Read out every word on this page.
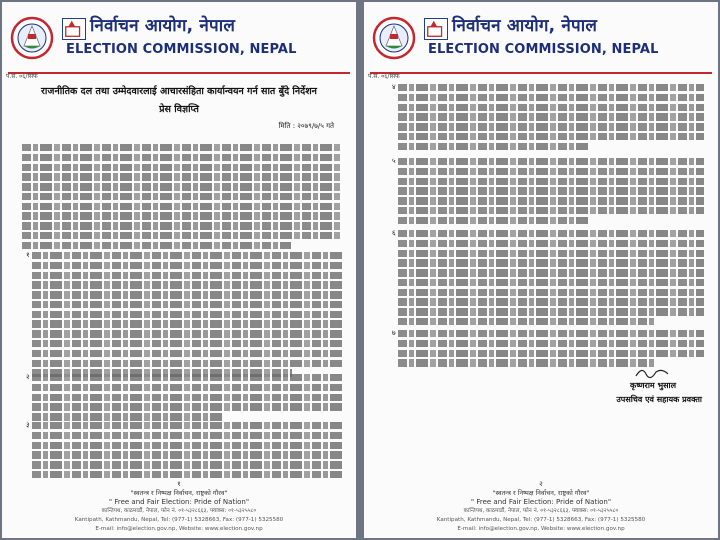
निर्वाचन आयोग, नेपाल
ELECTION COMMISSION, NEPAL
प.सं. ०६/सिर्फ
राजनीतिक दल तथा उम्मेदवारलाई आचारसंहिता कार्यान्वयन गर्न सात बुँदे निर्देशन
प्रेस विज्ञप्ति
मिति : २०७९/७/५ गते
१
२
३
१
"स्वतन्त्र र निष्पक्ष निर्वाचन, राष्ट्रको गौरव"
" Free and Fair Election: Pride of Nation"
कान्तिपथ, काठमाडौं, नेपाल, फोन नं. ०१-५३२८६६३, फ्याक्स: ०१-५३२५५८०
Kantipath, Kathmandu, Nepal, Tel: (977-1) 5328663, Fax: (977-1) 5325580
E-mail: info@election.gov.np, Website: www.election.gov.np
निर्वाचन आयोग, नेपाल
ELECTION COMMISSION, NEPAL
प.सं. ०६/सिर्फ
४
५
६
७
कृष्णराम भुसाल
उपसचिव एवं सहायक प्रवक्ता
२
"स्वतन्त्र र निष्पक्ष निर्वाचन, राष्ट्रको गौरव"
" Free and Fair Election: Pride of Nation"
कान्तिपथ, काठमाडौं, नेपाल, फोन नं. ०१-५३२८६६३, फ्याक्स: ०१-५३२५५८०
Kantipath, Kathmandu, Nepal, Tel: (977-1) 5328663, Fax: (977-1) 5325580
E-mail: info@election.gov.np, Website: www.election.gov.np
